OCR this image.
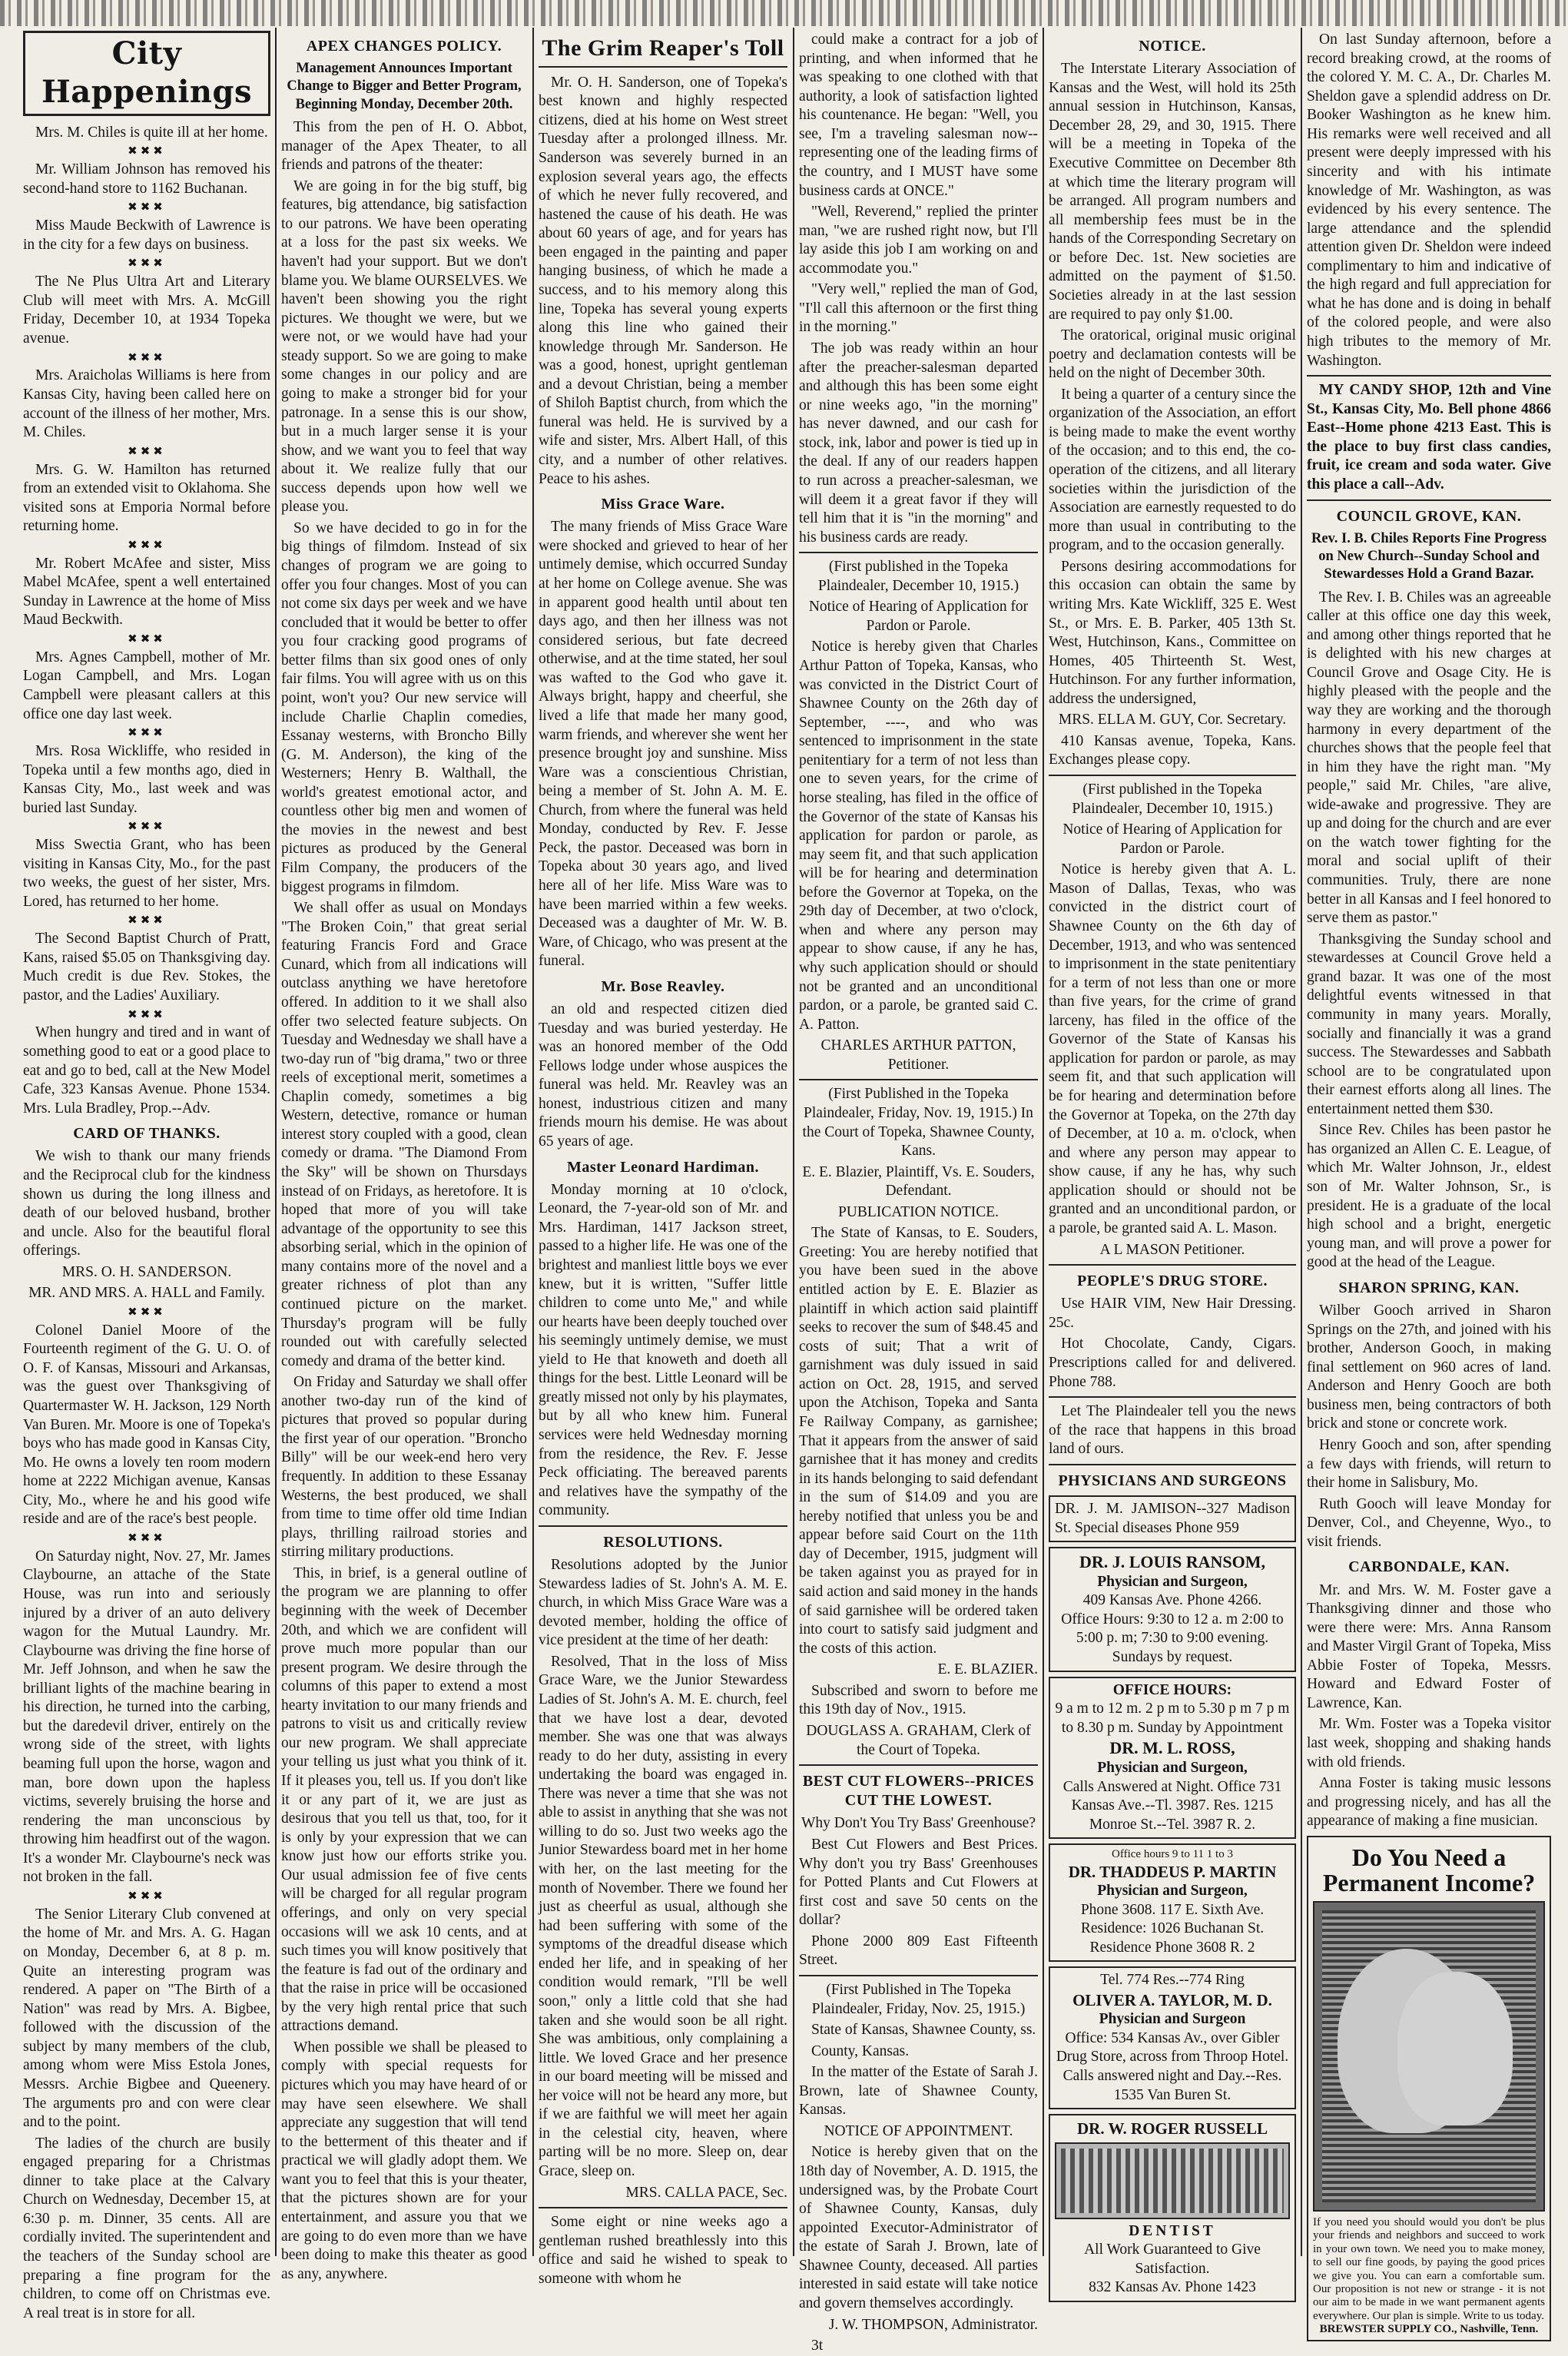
City Happenings

Mrs. M. Chiles is quite ill at her home.

✖✖✖

Mr. William Johnson has removed his second-hand store to 1162 Buchanan.

✖✖✖

Miss Maude Beckwith of Lawrence is in the city for a few days on business.

✖✖✖

The Ne Plus Ultra Art and Literary Club will meet with Mrs. A. McGill Friday, December 10, at 1934 Topeka avenue.

✖✖✖

Mrs. Araicholas Williams is here from Kansas City, having been called here on account of the illness of her mother, Mrs. M. Chiles.

✖✖✖

Mrs. G. W. Hamilton has returned from an extended visit to Oklahoma. She visited sons at Emporia Normal before returning home.

✖✖✖

Mr. Robert McAfee and sister, Miss Mabel McAfee, spent a well entertained Sunday in Lawrence at the home of Miss Maud Beckwith.

✖✖✖

Mrs. Agnes Campbell, mother of Mr. Logan Campbell, and Mrs. Logan Campbell were pleasant callers at this office one day last week.

✖✖✖

Mrs. Rosa Wickliffe, who resided in Topeka until a few months ago, died in Kansas City, Mo., last week and was buried last Sunday.

✖✖✖

Miss Swectia Grant, who has been visiting in Kansas City, Mo., for the past two weeks, the guest of her sister, Mrs. Lored, has returned to her home.

✖✖✖

The Second Baptist Church of Pratt, Kans, raised $5.05 on Thanksgiving day. Much credit is due Rev. Stokes, the pastor, and the Ladies' Auxiliary.

✖✖✖

When hungry and tired and in want of something good to eat or a good place to eat and go to bed, call at the New Model Cafe, 323 Kansas Avenue. Phone 1534. Mrs. Lula Bradley, Prop.--Adv.

CARD OF THANKS.

We wish to thank our many friends and the Reciprocal club for the kindness shown us during the long illness and death of our beloved husband, brother and uncle. Also for the beautiful floral offerings.

MRS. O. H. SANDERSON.

MR. AND MRS. A. HALL and Family.

✖✖✖

Colonel Daniel Moore of the Fourteenth regiment of the G. U. O. of O. F. of Kansas, Missouri and Arkansas, was the guest over Thanksgiving of Quartermaster W. H. Jackson, 129 North Van Buren. Mr. Moore is one of Topeka's boys who has made good in Kansas City, Mo. He owns a lovely ten room modern home at 2222 Michigan avenue, Kansas City, Mo., where he and his good wife reside and are of the race's best people.

✖✖✖

On Saturday night, Nov. 27, Mr. James Claybourne, an attache of the State House, was run into and seriously injured by a driver of an auto delivery wagon for the Mutual Laundry. Mr. Claybourne was driving the fine horse of Mr. Jeff Johnson, and when he saw the brilliant lights of the machine bearing in his direction, he turned into the carbing, but the daredevil driver, entirely on the wrong side of the street, with lights beaming full upon the horse, wagon and man, bore down upon the hapless victims, severely bruising the horse and rendering the man unconscious by throwing him headfirst out of the wagon. It's a wonder Mr. Claybourne's neck was not broken in the fall.

✖✖✖

The Senior Literary Club convened at the home of Mr. and Mrs. A. G. Hagan on Monday, December 6, at 8 p. m. Quite an interesting program was rendered. A paper on "The Birth of a Nation" was read by Mrs. A. Bigbee, followed with the discussion of the subject by many members of the club, among whom were Miss Estola Jones, Messrs. Archie Bigbee and Queenery. The arguments pro and con were clear and to the point.

The ladies of the church are busily engaged preparing for a Christmas dinner to take place at the Calvary Church on Wednesday, December 15, at 6:30 p. m. Dinner, 35 cents. All are cordially invited. The superintendent and the teachers of the Sunday school are preparing a fine program for the children, to come off on Christmas eve. A real treat is in store for all.

APEX CHANGES POLICY.
Management Announces Important Change to Bigger and Better Program, Beginning Monday, December 20th.

This from the pen of H. O. Abbot, manager of the Apex Theater, to all friends and patrons of the theater:

We are going in for the big stuff, big features, big attendance, big satisfaction to our patrons. We have been operating at a loss for the past six weeks. We haven't had your support. But we don't blame you. We blame OURSELVES. We haven't been showing you the right pictures. We thought we were, but we were not, or we would have had your steady support. So we are going to make some changes in our policy and are going to make a stronger bid for your patronage. In a sense this is our show, but in a much larger sense it is your show, and we want you to feel that way about it. We realize fully that our success depends upon how well we please you.

So we have decided to go in for the big things of filmdom. Instead of six changes of program we are going to offer you four changes. Most of you can not come six days per week and we have concluded that it would be better to offer you four cracking good programs of better films than six good ones of only fair films. You will agree with us on this point, won't you? Our new service will include Charlie Chaplin comedies, Essanay westerns, with Broncho Billy (G. M. Anderson), the king of the Westerners; Henry B. Walthall, the world's greatest emotional actor, and countless other big men and women of the movies in the newest and best pictures as produced by the General Film Company, the producers of the biggest programs in filmdom.

We shall offer as usual on Mondays "The Broken Coin," that great serial featuring Francis Ford and Grace Cunard, which from all indications will outclass anything we have heretofore offered. In addition to it we shall also offer two selected feature subjects. On Tuesday and Wednesday we shall have a two-day run of "big drama," two or three reels of exceptional merit, sometimes a Chaplin comedy, sometimes a big Western, detective, romance or human interest story coupled with a good, clean comedy or drama. "The Diamond From the Sky" will be shown on Thursdays instead of on Fridays, as heretofore. It is hoped that more of you will take advantage of the opportunity to see this absorbing serial, which in the opinion of many contains more of the novel and a greater richness of plot than any continued picture on the market. Thursday's program will be fully rounded out with carefully selected comedy and drama of the better kind.

On Friday and Saturday we shall offer another two-day run of the kind of pictures that proved so popular during the first year of our operation. "Broncho Billy" will be our week-end hero very frequently. In addition to these Essanay Westerns, the best produced, we shall from time to time offer old time Indian plays, thrilling railroad stories and stirring military productions.

This, in brief, is a general outline of the program we are planning to offer beginning with the week of December 20th, and which we are confident will prove much more popular than our present program. We desire through the columns of this paper to extend a most hearty invitation to our many friends and patrons to visit us and critically review our new program. We shall appreciate your telling us just what you think of it. If it pleases you, tell us. If you don't like it or any part of it, we are just as desirous that you tell us that, too, for it is only by your expression that we can know just how our efforts strike you. Our usual admission fee of five cents will be charged for all regular program offerings, and only on very special occasions will we ask 10 cents, and at such times you will know positively that the feature is fad out of the ordinary and that the raise in price will be occasioned by the very high rental price that such attractions demand.

When possible we shall be pleased to comply with special requests for pictures which you may have heard of or may have seen elsewhere. We shall appreciate any suggestion that will tend to the betterment of this theater and if practical we will gladly adopt them. We want you to feel that this is your theater, that the pictures shown are for your entertainment, and assure you that we are going to do even more than we have been doing to make this theater as good as any, anywhere.

The Grim Reaper's Toll

Mr. O. H. Sanderson, one of Topeka's best known and highly respected citizens, died at his home on West street Tuesday after a prolonged illness. Mr. Sanderson was severely burned in an explosion several years ago, the effects of which he never fully recovered, and hastened the cause of his death. He was about 60 years of age, and for years has been engaged in the painting and paper hanging business, of which he made a success, and to his memory along this line, Topeka has several young experts along this line who gained their knowledge through Mr. Sanderson. He was a good, honest, upright gentleman and a devout Christian, being a member of Shiloh Baptist church, from which the funeral was held. He is survived by a wife and sister, Mrs. Albert Hall, of this city, and a number of other relatives. Peace to his ashes.

Miss Grace Ware.

The many friends of Miss Grace Ware were shocked and grieved to hear of her untimely demise, which occurred Sunday at her home on College avenue. She was in apparent good health until about ten days ago, and then her illness was not considered serious, but fate decreed otherwise, and at the time stated, her soul was wafted to the God who gave it. Always bright, happy and cheerful, she lived a life that made her many good, warm friends, and wherever she went her presence brought joy and sunshine. Miss Ware was a conscientious Christian, being a member of St. John A. M. E. Church, from where the funeral was held Monday, conducted by Rev. F. Jesse Peck, the pastor. Deceased was born in Topeka about 30 years ago, and lived here all of her life. Miss Ware was to have been married within a few weeks. Deceased was a daughter of Mr. W. B. Ware, of Chicago, who was present at the funeral.

Mr. Bose Reavley.

an old and respected citizen died Tuesday and was buried yesterday. He was an honored member of the Odd Fellows lodge under whose auspices the funeral was held. Mr. Reavley was an honest, industrious citizen and many friends mourn his demise. He was about 65 years of age.

Master Leonard Hardiman.

Monday morning at 10 o'clock, Leonard, the 7-year-old son of Mr. and Mrs. Hardiman, 1417 Jackson street, passed to a higher life. He was one of the brightest and manliest little boys we ever knew, but it is written, "Suffer little children to come unto Me," and while our hearts have been deeply touched over his seemingly untimely demise, we must yield to He that knoweth and doeth all things for the best. Little Leonard will be greatly missed not only by his playmates, but by all who knew him. Funeral services were held Wednesday morning from the residence, the Rev. F. Jesse Peck officiating. The bereaved parents and relatives have the sympathy of the community.

RESOLUTIONS.

Resolutions adopted by the Junior Stewardess ladies of St. John's A. M. E. church, in which Miss Grace Ware was a devoted member, holding the office of vice president at the time of her death:

Resolved, That in the loss of Miss Grace Ware, we the Junior Stewardess Ladies of St. John's A. M. E. church, feel that we have lost a dear, devoted member. She was one that was always ready to do her duty, assisting in every undertaking the board was engaged in. There was never a time that she was not able to assist in anything that she was not willing to do so. Just two weeks ago the Junior Stewardess board met in her home with her, on the last meeting for the month of November. There we found her just as cheerful as usual, although she had been suffering with some of the symptoms of the dreadful disease which ended her life, and in speaking of her condition would remark, "I'll be well soon," only a little cold that she had taken and she would soon be all right. She was ambitious, only complaining a little. We loved Grace and her presence in our board meeting will be missed and her voice will not be heard any more, but if we are faithful we will meet her again in the celestial city, heaven, where parting will be no more. Sleep on, dear Grace, sleep on.

MRS. CALLA PACE, Sec.

Some eight or nine weeks ago a gentleman rushed breathlessly into this office and said he wished to speak to someone with whom he

could make a contract for a job of printing, and when informed that he was speaking to one clothed with that authority, a look of satisfaction lighted his countenance. He began: "Well, you see, I'm a traveling salesman now--representing one of the leading firms of the country, and I MUST have some business cards at ONCE."

"Well, Reverend," replied the printer man, "we are rushed right now, but I'll lay aside this job I am working on and accommodate you."

"Very well," replied the man of God, "I'll call this afternoon or the first thing in the morning."

The job was ready within an hour after the preacher-salesman departed and although this has been some eight or nine weeks ago, "in the morning" has never dawned, and our cash for stock, ink, labor and power is tied up in the deal. If any of our readers happen to run across a preacher-salesman, we will deem it a great favor if they will tell him that it is "in the morning" and his business cards are ready.

(First published in the Topeka Plaindealer, December 10, 1915.)

Notice of Hearing of Application for Pardon or Parole.

Notice is hereby given that Charles Arthur Patton of Topeka, Kansas, who was convicted in the District Court of Shawnee County on the 26th day of September, ----, and who was sentenced to imprisonment in the state penitentiary for a term of not less than one to seven years, for the crime of horse stealing, has filed in the office of the Governor of the state of Kansas his application for pardon or parole, as may seem fit, and that such application will be for hearing and determination before the Governor at Topeka, on the 29th day of December, at two o'clock, when and where any person may appear to show cause, if any he has, why such application should or should not be granted and an unconditional pardon, or a parole, be granted said C. A. Patton.

CHARLES ARTHUR PATTON, Petitioner.

(First Published in the Topeka Plaindealer, Friday, Nov. 19, 1915.) In the Court of Topeka, Shawnee County, Kans.

E. E. Blazier, Plaintiff, Vs. E. Souders, Defendant.

PUBLICATION NOTICE.

The State of Kansas, to E. Souders, Greeting: You are hereby notified that you have been sued in the above entitled action by E. E. Blazier as plaintiff in which action said plaintiff seeks to recover the sum of $48.45 and costs of suit; That a writ of garnishment was duly issued in said action on Oct. 28, 1915, and served upon the Atchison, Topeka and Santa Fe Railway Company, as garnishee; That it appears from the answer of said garnishee that it has money and credits in its hands belonging to said defendant in the sum of $14.09 and you are hereby notified that unless you be and appear before said Court on the 11th day of December, 1915, judgment will be taken against you as prayed for in said action and said money in the hands of said garnishee will be ordered taken into court to satisfy said judgment and the costs of this action.

E. E. BLAZIER.

Subscribed and sworn to before me this 19th day of Nov., 1915.

DOUGLASS A. GRAHAM, Clerk of the Court of Topeka.

BEST CUT FLOWERS--PRICES CUT THE LOWEST.

Why Don't You Try Bass' Greenhouse?

Best Cut Flowers and Best Prices. Why don't you try Bass' Greenhouses for Potted Plants and Cut Flowers at first cost and save 50 cents on the dollar?

Phone 2000 809 East Fifteenth Street.

(First Published in The Topeka Plaindealer, Friday, Nov. 25, 1915.)

State of Kansas, Shawnee County, ss.

County, Kansas.

In the matter of the Estate of Sarah J. Brown, late of Shawnee County, Kansas.

NOTICE OF APPOINTMENT.

Notice is hereby given that on the 18th day of November, A. D. 1915, the undersigned was, by the Probate Court of Shawnee County, Kansas, duly appointed Executor-Administrator of the estate of Sarah J. Brown, late of Shawnee County, deceased. All parties interested in said estate will take notice and govern themselves accordingly.

J. W. THOMPSON, Administrator.

3t

NOTICE.

The Interstate Literary Association of Kansas and the West, will hold its 25th annual session in Hutchinson, Kansas, December 28, 29, and 30, 1915. There will be a meeting in Topeka of the Executive Committee on December 8th at which time the literary program will be arranged. All program numbers and all membership fees must be in the hands of the Corresponding Secretary on or before Dec. 1st. New societies are admitted on the payment of $1.50. Societies already in at the last session are required to pay only $1.00.

The oratorical, original music original poetry and declamation contests will be held on the night of December 30th.

It being a quarter of a century since the organization of the Association, an effort is being made to make the event worthy of the occasion; and to this end, the co-operation of the citizens, and all literary societies within the jurisdiction of the Association are earnestly requested to do more than usual in contributing to the program, and to the occasion generally.

Persons desiring accommodations for this occasion can obtain the same by writing Mrs. Kate Wickliff, 325 E. West St., or Mrs. E. B. Parker, 405 13th St. West, Hutchinson, Kans., Committee on Homes, 405 Thirteenth St. West, Hutchinson. For any further information, address the undersigned,

MRS. ELLA M. GUY, Cor. Secretary.

410 Kansas avenue, Topeka, Kans. Exchanges please copy.

(First published in the Topeka Plaindealer, December 10, 1915.)

Notice of Hearing of Application for Pardon or Parole.

Notice is hereby given that A. L. Mason of Dallas, Texas, who was convicted in the district court of Shawnee County on the 6th day of December, 1913, and who was sentenced to imprisonment in the state penitentiary for a term of not less than one or more than five years, for the crime of grand larceny, has filed in the office of the Governor of the State of Kansas his application for pardon or parole, as may seem fit, and that such application will be for hearing and determination before the Governor at Topeka, on the 27th day of December, at 10 a. m. o'clock, when and where any person may appear to show cause, if any he has, why such application should or should not be granted and an unconditional pardon, or a parole, be granted said A. L. Mason.

A L MASON Petitioner.

PEOPLE'S DRUG STORE.

Use HAIR VIM, New Hair Dressing. 25c.

Hot Chocolate, Candy, Cigars. Prescriptions called for and delivered. Phone 788.

Let The Plaindealer tell you the news of the race that happens in this broad land of ours.

PHYSICIANS AND SURGEONS
DR. J. M. JAMISON--327 Madison St. Special diseases Phone 959
DR. J. LOUIS RANSOM,
Physician and Surgeon,
409 Kansas Ave. Phone 4266.
Office Hours: 9:30 to 12 a. m 2:00 to 5:00 p. m; 7:30 to 9:00 evening. Sundays by request.
OFFICE HOURS:
9 a m to 12 m. 2 p m to 5.30 p m 7 p m to 8.30 p m. Sunday by Appointment
DR. M. L. ROSS,
Physician and Surgeon,
Calls Answered at Night. Office 731 Kansas Ave.--Tl. 3987. Res. 1215 Monroe St.--Tel. 3987 R. 2.
Office hours 9 to 11 1 to 3
DR. THADDEUS P. MARTIN
Physician and Surgeon,
Phone 3608. 117 E. Sixth Ave. Residence: 1026 Buchanan St. Residence Phone 3608 R. 2
Tel. 774 Res.--774 Ring
OLIVER A. TAYLOR, M. D.
Physician and Surgeon
Office: 534 Kansas Av., over Gibler Drug Store, across from Throop Hotel. Calls answered night and Day.--Res. 1535 Van Buren St.
DR. W. ROGER RUSSELL
DENTIST
All Work Guaranteed to Give Satisfaction.
832 Kansas Av. Phone 1423

On last Sunday afternoon, before a record breaking crowd, at the rooms of the colored Y. M. C. A., Dr. Charles M. Sheldon gave a splendid address on Dr. Booker Washington as he knew him. His remarks were well received and all present were deeply impressed with his sincerity and with his intimate knowledge of Mr. Washington, as was evidenced by his every sentence. The large attendance and the splendid attention given Dr. Sheldon were indeed complimentary to him and indicative of the high regard and full appreciation for what he has done and is doing in behalf of the colored people, and were also high tributes to the memory of Mr. Washington.

MY CANDY SHOP, 12th and Vine St., Kansas City, Mo. Bell phone 4866 East--Home phone 4213 East. This is the place to buy first class candies, fruit, ice cream and soda water. Give this place a call--Adv.

COUNCIL GROVE, KAN.
Rev. I. B. Chiles Reports Fine Progress on New Church--Sunday School and Stewardesses Hold a Grand Bazar.

The Rev. I. B. Chiles was an agreeable caller at this office one day this week, and among other things reported that he is delighted with his new charges at Council Grove and Osage City. He is highly pleased with the people and the way they are working and the thorough harmony in every department of the churches shows that the people feel that in him they have the right man. "My people," said Mr. Chiles, "are alive, wide-awake and progressive. They are up and doing for the church and are ever on the watch tower fighting for the moral and social uplift of their communities. Truly, there are none better in all Kansas and I feel honored to serve them as pastor."

Thanksgiving the Sunday school and stewardesses at Council Grove held a grand bazar. It was one of the most delightful events witnessed in that community in many years. Morally, socially and financially it was a grand success. The Stewardesses and Sabbath school are to be congratulated upon their earnest efforts along all lines. The entertainment netted them $30.

Since Rev. Chiles has been pastor he has organized an Allen C. E. League, of which Mr. Walter Johnson, Jr., eldest son of Mr. Walter Johnson, Sr., is president. He is a graduate of the local high school and a bright, energetic young man, and will prove a power for good at the head of the League.

SHARON SPRING, KAN.

Wilber Gooch arrived in Sharon Springs on the 27th, and joined with his brother, Anderson Gooch, in making final settlement on 960 acres of land. Anderson and Henry Gooch are both business men, being contractors of both brick and stone or concrete work.

Henry Gooch and son, after spending a few days with friends, will return to their home in Salisbury, Mo.

Ruth Gooch will leave Monday for Denver, Col., and Cheyenne, Wyo., to visit friends.

CARBONDALE, KAN.

Mr. and Mrs. W. M. Foster gave a Thanksgiving dinner and those who were there were: Mrs. Anna Ransom and Master Virgil Grant of Topeka, Miss Abbie Foster of Topeka, Messrs. Howard and Edward Foster of Lawrence, Kan.

Mr. Wm. Foster was a Topeka visitor last week, shopping and shaking hands with old friends.

Anna Foster is taking music lessons and progressing nicely, and has all the appearance of making a fine musician.

Do You Need a Permanent Income?
If you need you should would you don't be plus your friends and neighbors and succeed to work in your own town. We need you to make money, to sell our fine goods, by paying the good prices we give you. You can earn a comfortable sum. Our proposition is not new or strange - it is not our aim to be made in we want permanent agents everywhere. Our plan is simple. Write to us today.
BREWSTER SUPPLY CO., Nashville, Tenn.
